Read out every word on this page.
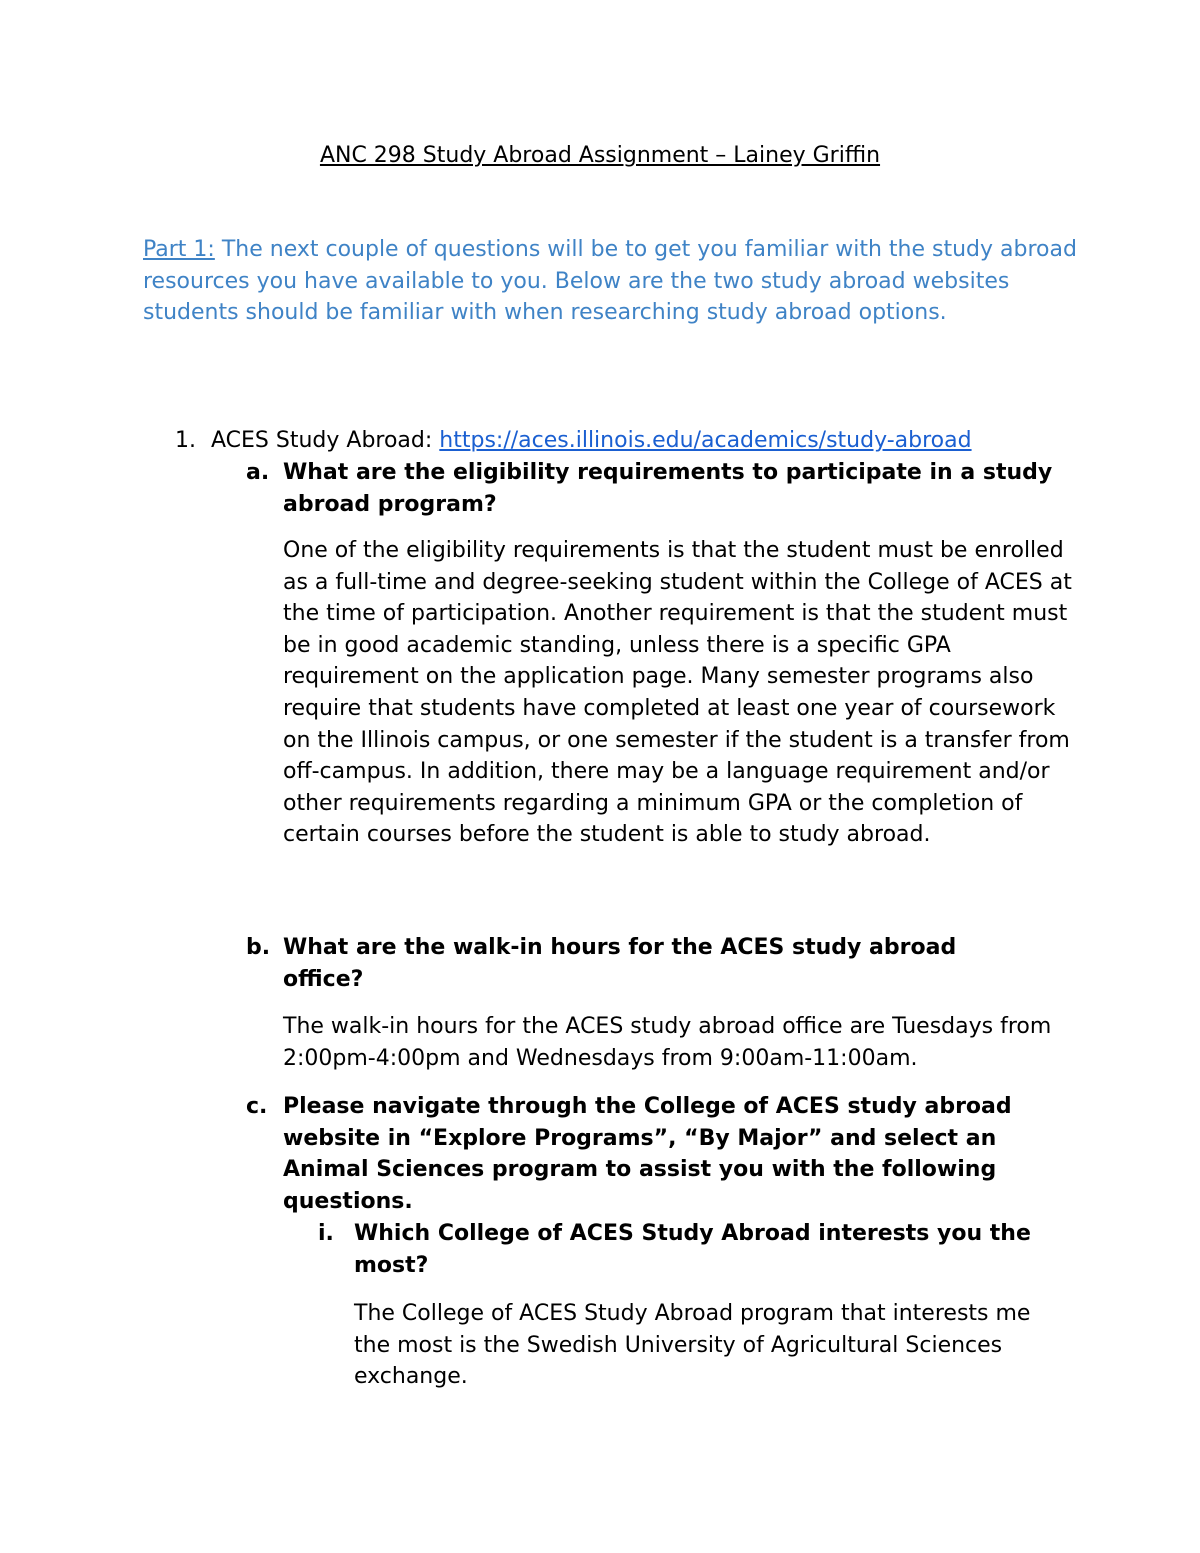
ANC 298 Study Abroad Assignment – Lainey Griffin
Part 1: The next couple of questions will be to get you familiar with the study abroad resources you have available to you. Below are the two study abroad websites students should be familiar with when researching study abroad options.
1. ACES Study Abroad: https://aces.illinois.edu/academics/study-abroad
a. What are the eligibility requirements to participate in a study abroad program?
One of the eligibility requirements is that the student must be enrolled as a full-time and degree-seeking student within the College of ACES at the time of participation. Another requirement is that the student must be in good academic standing, unless there is a specific GPA requirement on the application page. Many semester programs also require that students have completed at least one year of coursework on the Illinois campus, or one semester if the student is a transfer from off-campus. In addition, there may be a language requirement and/or other requirements regarding a minimum GPA or the completion of certain courses before the student is able to study abroad.
b. What are the walk-in hours for the ACES study abroad office?
The walk-in hours for the ACES study abroad office are Tuesdays from 2:00pm-4:00pm and Wednesdays from 9:00am-11:00am.
c. Please navigate through the College of ACES study abroad website in “Explore Programs”, “By Major” and select an Animal Sciences program to assist you with the following questions.
i. Which College of ACES Study Abroad interests you the most?
The College of ACES Study Abroad program that interests me the most is the Swedish University of Agricultural Sciences exchange.
